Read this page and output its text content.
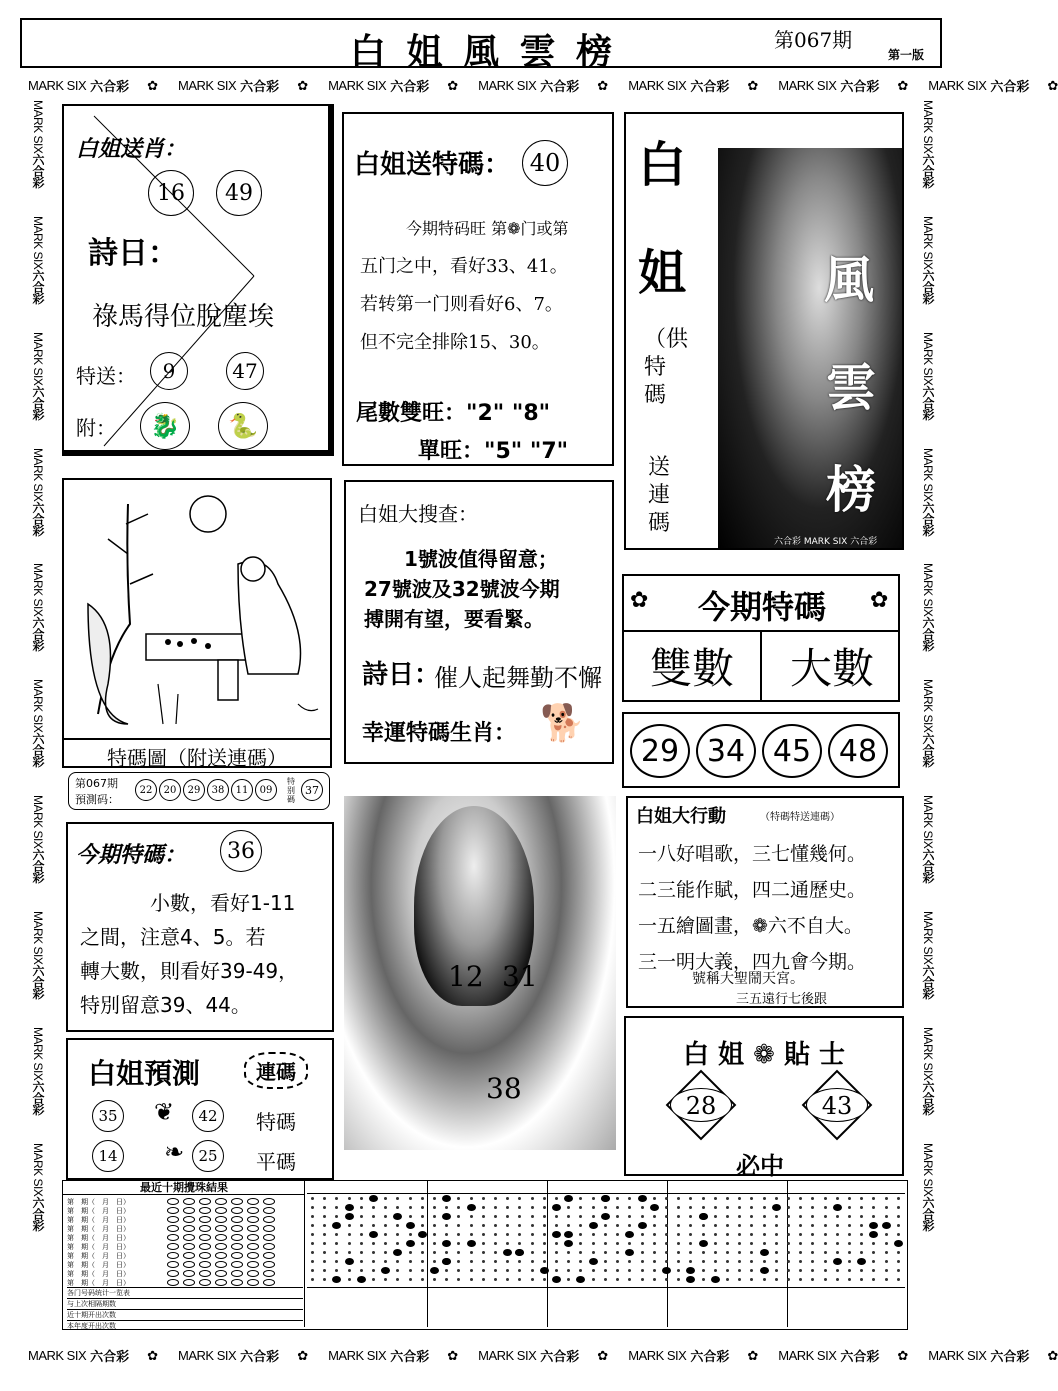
白 姐 風 雲 榜	第067期
第一版
MARK SIX 六合彩 ✿ MARK SIX 六合彩 ✿ MARK SIX 六合彩 ✿ MARK SIX 六合彩 ✿ MARK SIX 六合彩 ✿ MARK SIX 六合彩 ✿ MARK SIX 六合彩 ✿
MARK SIX 六合彩 ✿ MARK SIX 六合彩 ✿ MARK SIX 六合彩 ✿ MARK SIX 六合彩 ✿ MARK SIX 六合彩 ✿ MARK SIX 六合彩 ✿ MARK SIX 六合彩 ✿
MARK SIX六合彩
MARK SIX六合彩
MARK SIX六合彩
MARK SIX六合彩
MARK SIX六合彩
MARK SIX六合彩
MARK SIX六合彩
MARK SIX六合彩
MARK SIX六合彩
MARK SIX六合彩
MARK SIX六合彩
MARK SIX六合彩
MARK SIX六合彩
MARK SIX六合彩
MARK SIX六合彩
MARK SIX六合彩
MARK SIX六合彩
MARK SIX六合彩
MARK SIX六合彩
MARK SIX六合彩
白姐送肖：
16	49
詩日：
祿馬得位脫塵埃
特送：	9	47
附：	🐉	🐍
白姐送特碼： 40
今期特码旺 第❁门或第
五门之中，看好33、41。
若转第一门则看好6、7。
但不完全排除15、30。
尾數雙旺："2" "8"
單旺："5" "7"
白
姐	風
雲
榜
（供特碼
送連碼
六合彩 MARK SIX 六合彩
特碼圖（附送連碼）
白姐大搜查：
1號波值得留意；
27號波及32號波今期
搏開有望，要看緊。
詩日：
催人起舞勤不懈
幸運特碼生肖： 🐕
✿	今期特碼	✿
雙數	大數
29 34 45 48
第067期
預測码：
22	20	29	38	11	09
特别碼
37
今期特碼：	36
小數，看好1-11
之間，注意4、5。若
轉大數，則看好39-49，
特別留意39、44。
12 31
38
白姐大行動	（特碼特送連碼）
一八好唱歌，三七懂幾何。
二三能作賦，四二通歷史。
一五繪圖畫，❁六不自大。
三一明大義，四九會今期。
號稱大聖鬧天宮。
三五遠行七後跟
白 姐 ❁ 貼 士
28	43
必中
白姐預測	連碼
35 ❦	42	特碼
14 ❧ 25	平碼
最近十期攪珠結果
第　期（　月　日）
第　期（　月　日）
第　期（　月　日）
第　期（　月　日）
第　期（　月　日）
第　期（　月　日）
第　期（　月　日）
第　期（　月　日）
第　期（　月　日）
第　期（　月　日）
各门号码统计一览表
与上次相隔期数
近十期开出次数
本年度开出次数
